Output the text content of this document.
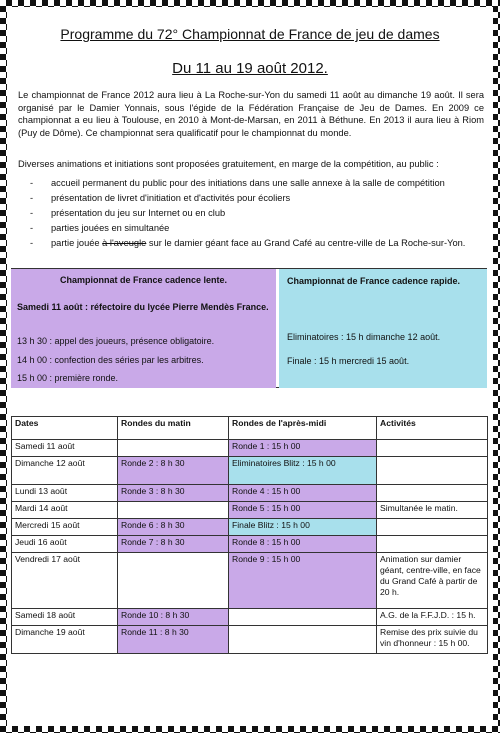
Programme du 72° Championnat de France de jeu de dames
Du 11 au 19 août 2012.

Le championnat de France 2012 aura lieu à La Roche-sur-Yon du samedi 11 août au dimanche 19 août. Il sera organisé par le Damier Yonnais, sous l'égide de la Fédération Française de Jeu de Dames. En 2009 ce championnat a eu lieu à Toulouse, en 2010 à Mont-de-Marsan, en 2011 à Béthune. En 2013 il aura lieu à Riom (Puy de Dôme). Ce championnat sera qualificatif pour le championnat du monde.

Diverses animations et initiations sont proposées gratuitement, en marge de la compétition, au public :

- accueil permanent du public pour des initiations dans une salle annexe à la salle de compétition
- présentation de livret d'initiation et d'activités pour écoliers
- présentation du jeu sur Internet ou en club
- parties jouées en simultanée
- partie jouée à l'aveugle sur le damier géant face au Grand Café au centre-ville de La Roche-sur-Yon.
Championnat de France cadence lente.
Samedi 11 août : réfectoire du lycée Pierre Mendès France.
13 h 30 : appel des joueurs, présence obligatoire.
14 h 00 : confection des séries par les arbitres.
15 h 00 : première ronde.
Championnat de France cadence rapide.
Eliminatoires : 15 h dimanche 12 août.
Finale : 15 h mercredi 15 août.
Dates	Rondes du matin	Rondes de l'après-midi	Activités
Samedi 11 août		Ronde 1 : 15 h 00	
Dimanche 12 août	Ronde 2 : 8 h 30	Eliminatoires Blitz : 15 h 00	
Lundi 13 août	Ronde 3 : 8 h 30	Ronde 4 : 15 h 00	
Mardi 14 août		Ronde 5 : 15 h 00	Simultanée le matin.
Mercredi 15 août	Ronde 6 : 8 h 30	Finale Blitz : 15 h 00	
Jeudi 16 août	Ronde 7 : 8 h 30	Ronde 8 : 15 h 00	
Vendredi 17 août		Ronde 9 : 15 h 00	Animation sur damier géant, centre-ville, en face du Grand Café à partir de 20 h.
Samedi 18 août	Ronde 10 : 8 h 30		A.G. de la F.F.J.D. : 15 h.
Dimanche 19 août	Ronde 11 : 8 h 30		Remise des prix suivie du vin d'honneur : 15 h 00.
